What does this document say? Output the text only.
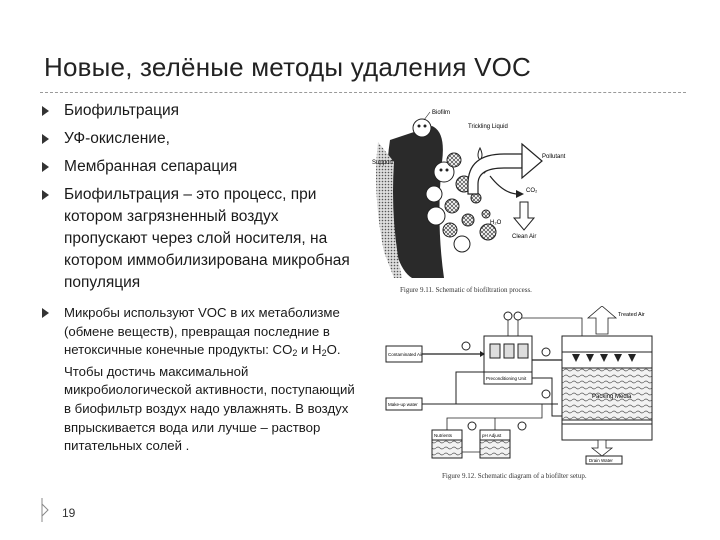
Новые, зелёные методы удаления VOC
Биофильтрация
УФ-окисление,
Мембранная сепарация
Биофильтрация – это процесс, при котором загрязненный воздух пропускают через слой носителя, на котором иммобилизирована микробная популяция
Микробы используют VOC в их метаболизме (обмене веществ), превращая последние в нетоксичные конечные продукты: $CO_2$ и $H_2O$. Чтобы достичь максимальной микробиологической активности, поступающий в биофильтр воздух надо увлажнять. В воздух впрыскивается вода или лучше – раствор питательных солей .
Biofilm
Trickling Liquid
Pollutant
Support
CO₂
H₂O
Clean Air
Figure 9.11. Schematic of biofiltration process.
Treated Air
Packing Media
Drain Water
Preconditioning Unit
Contaminated Air
Make-up water
Nutrients	pH Adjust
Figure 9.12. Schematic diagram of a biofilter setup.
19
